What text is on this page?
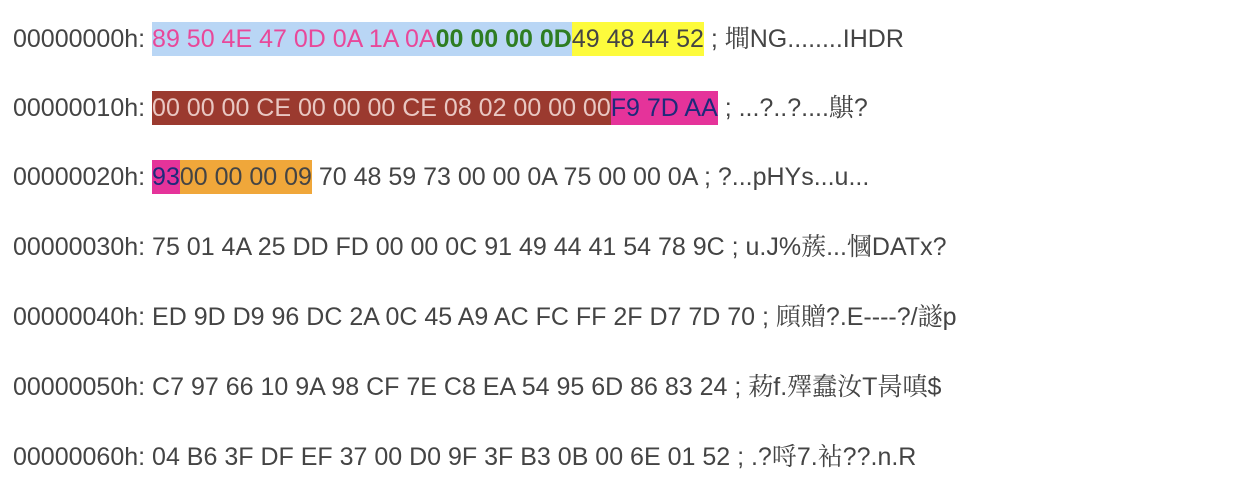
00000000h: 89 50 4E 47 0D 0A 1A 0A00 00 00 0D49 48 44 52 ; 墹NG........IHDR
00000010h: 00 00 00 CE 00 00 00 CE 08 02 00 00 00F9 7D AA ; ...?..?....鶀?
00000020h: 9300 00 00 09 70 48 59 73 00 00 0A 75 00 00 0A ; ?...pHYs...u...
00000030h: 75 01 4A 25 DD FD 00 00 0C 91 49 44 41 54 78 9C ; u.J%蔟...慖DATx?
00000040h: ED 9D D9 96 DC 2A 0C 45 A9 AC FC FF 2F D7 7D 70 ; 頋贈?.E----?/譢p
00000050h: C7 97 66 10 9A 98 CF 7E C8 EA 54 95 6D 86 83 24 ; 菞f.殬蠢汝T昺嗔$
00000060h: 04 B6 3F DF EF 37 00 D0 9F 3F B3 0B 00 6E 01 52 ; .?哷7.袩??.n.R
